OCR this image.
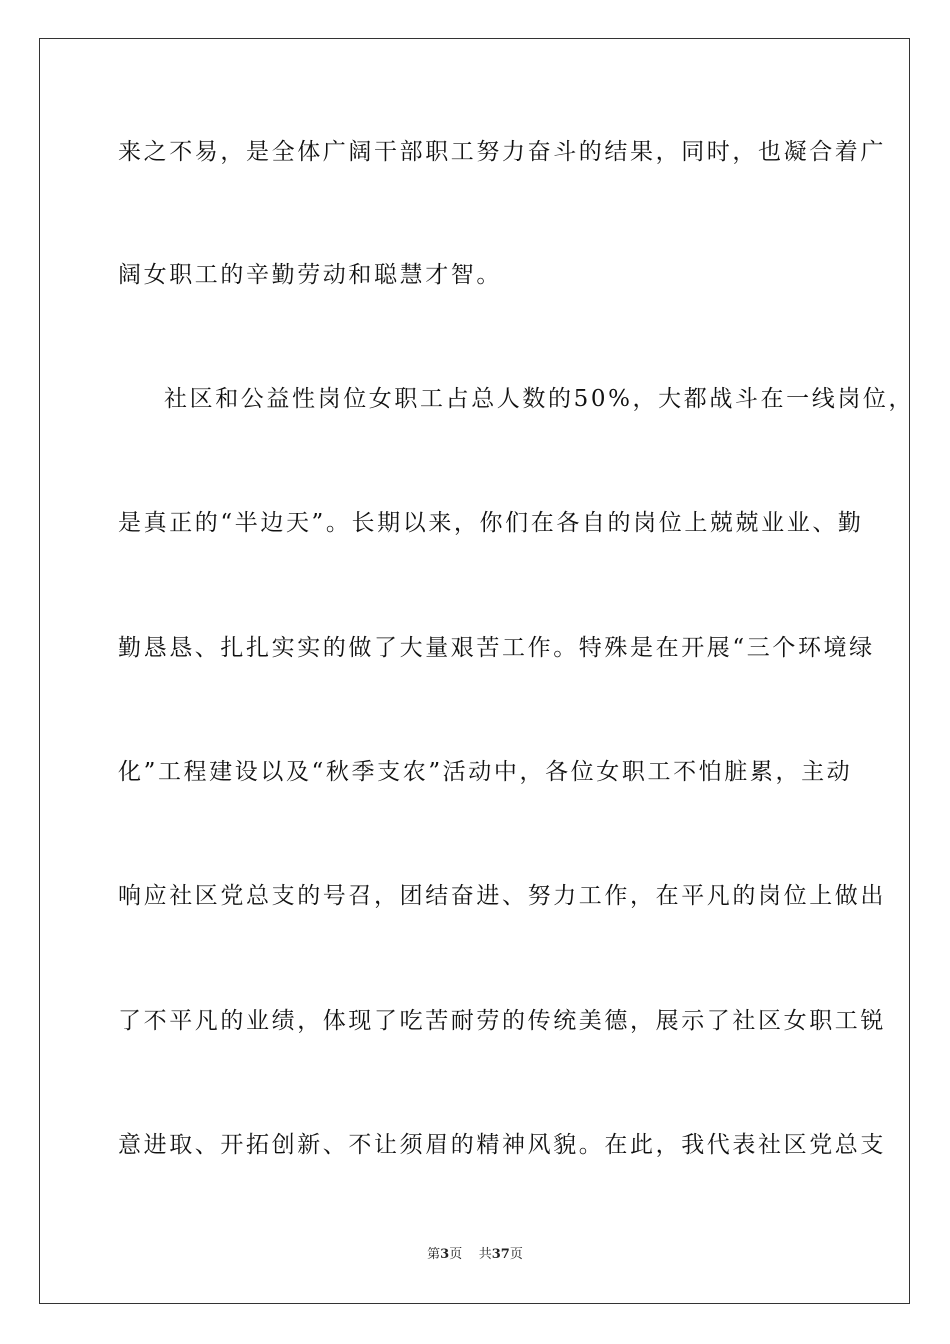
来之不易，是全体广阔干部职工努力奋斗的结果，同时，也凝合着广
阔女职工的辛勤劳动和聪慧才智。
社区和公益性岗位女职工占总人数的50%，大都战斗在一线岗位，
是真正的“半边天”。长期以来，你们在各自的岗位上兢兢业业、勤
勤恳恳、扎扎实实的做了大量艰苦工作。特殊是在开展“三个环境绿
化”工程建设以及“秋季支农”活动中，各位女职工不怕脏累，主动
响应社区党总支的号召，团结奋进、努力工作，在平凡的岗位上做出
了不平凡的业绩，体现了吃苦耐劳的传统美德，展示了社区女职工锐
意进取、开拓创新、不让须眉的精神风貌。在此，我代表社区党总支
第3页 共37页
